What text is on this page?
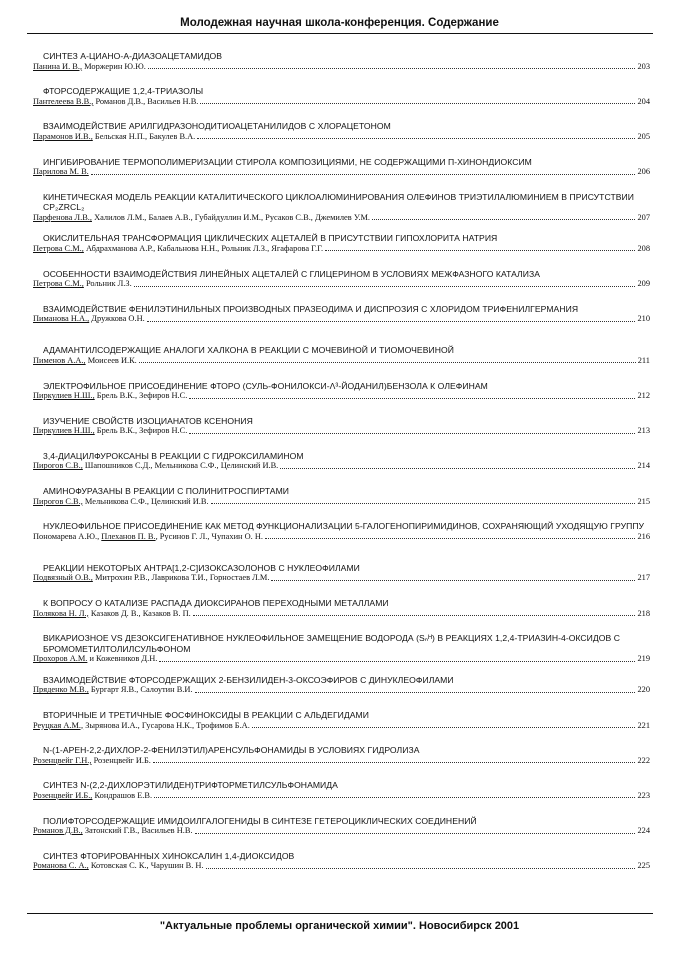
Молодежная научная школа-конференция. Содержание
СИНТЕЗ Α-ЦИАНО-Α-ДИАЗОАЦЕТАМИДОВ
Панина И. В., Моржерин Ю.Ю.	203
ФТОРСОДЕРЖАЩИЕ 1,2,4-ТРИАЗОЛЫ
Пантелеева В.В., Романов Д.В., Васильев Н.В.	204
ВЗАИМОДЕЙСТВИЕ АРИЛГИДРАЗОНОДИТИОАЦЕТАНИЛИДОВ С ХЛОРАЦЕТОНОМ
Парамонов И.В., Бельская Н.П., Бакулев В.А.	205
ИНГИБИРОВАНИЕ ТЕРМОПОЛИМЕРИЗАЦИИ СТИРОЛА КОМПОЗИЦИЯМИ, НЕ СОДЕРЖАЩИМИ П-ХИНОНДИОКСИМ
Парилова М. В.	206
КИНЕТИЧЕСКАЯ МОДЕЛЬ РЕАКЦИИ КАТАЛИТИЧЕСКОГО ЦИКЛОАЛЮМИНИРОВАНИЯ ОЛЕФИНОВ ТРИЭТИЛАЛЮМИНИЕМ В ПРИСУТСТВИИ CP₂ZRCL₂
Парфенова Л.В., Халилов Л.М., Балаев А.В., Губайдуллин И.М., Русаков С.В., Джемилев У.М.	207
ОКИСЛИТЕЛЬНАЯ ТРАНСФОРМАЦИЯ ЦИКЛИЧЕСКИХ АЦЕТАЛЕЙ В ПРИСУТСТВИИ ГИПОХЛОРИТА НАТРИЯ
Петрова С.М., Абдрахманова А.Р., Кабальнова Н.Н., Рольник Л.З., Ягафарова Г.Г.	208
ОСОБЕННОСТИ ВЗАИМОДЕЙСТВИЯ ЛИНЕЙНЫХ АЦЕТАЛЕЙ С ГЛИЦЕРИНОМ В УСЛОВИЯХ МЕЖФАЗНОГО КАТАЛИЗА
Петрова С.М., Рольник Л.З.	209
ВЗАИМОДЕЙСТВИЕ ФЕНИЛЭТИНИЛЬНЫХ ПРОИЗВОДНЫХ ПРАЗЕОДИМА И ДИСПРОЗИЯ С ХЛОРИДОМ ТРИФЕНИЛГЕРМАНИЯ
Пиманова Н.А., Дружкова О.Н.	210
АДАМАНТИЛСОДЕРЖАЩИЕ АНАЛОГИ ХАЛКОНА В РЕАКЦИИ С МОЧЕВИНОЙ И ТИОМОЧЕВИНОЙ
Пименов А.А., Моисеев И.К.	211
ЭЛЕКТРОФИЛЬНОЕ ПРИСОЕДИНЕНИЕ ФТОРО (СУЛЬ-ФОНИЛОКСИ-Λ³-ЙОДАНИЛ)БЕНЗОЛА К ОЛЕФИНАМ
Пиркулиев Н.Ш., Брель В.К., Зефиров Н.С.	212
ИЗУЧЕНИЕ СВОЙСТВ ИЗОЦИАНАТОВ КСЕНОНИЯ
Пиркулиев Н.Ш., Брель В.К., Зефиров Н.С.	213
3,4-ДИАЦИЛФУРОКСАНЫ В РЕАКЦИИ С ГИДРОКСИЛАМИНОМ
Пирогов С.В., Шапошников С.Д., Мельникова С.Ф., Целинский И.В.	214
АМИНОФУРАЗАНЫ В РЕАКЦИИ С ПОЛИНИТРОСПИРТАМИ
Пирогов С.В., Мельникова С.Ф., Целинский И.В.	215
НУКЛЕОФИЛЬНОЕ ПРИСОЕДИНЕНИЕ КАК МЕТОД ФУНКЦИОНАЛИЗАЦИИ 5-ГАЛОГЕНОПИРИМИДИНОВ, СОХРАНЯЮЩИЙ УХОДЯЩУЮ ГРУППУ
Пономарева А.Ю., Плеханов П. В., Русинов Г. Л., Чупахин О. Н.	216
РЕАКЦИИ НЕКОТОРЫХ АНТРА[1,2-C]ИЗОКСАЗОЛОНОВ С НУКЛЕОФИЛАМИ
Подвязный О.В., Митрохин Р.В., Лаврикова Т.И., Горностаев Л.М.	217
К ВОПРОСУ О КАТАЛИЗЕ РАСПАДА ДИОКСИРАНОВ ПЕРЕХОДНЫМИ МЕТАЛЛАМИ
Полякова Н. Л., Казаков Д. В., Казаков В. П.	218
ВИКАРИОЗНОЕ VS ДЕЗОКСИГЕНАТИВНОЕ НУКЛЕОФИЛЬНОЕ ЗАМЕЩЕНИЕ ВОДОРОДА (Sₙᴴ) В РЕАКЦИЯХ 1,2,4-ТРИАЗИН-4-ОКСИДОВ С БРОМОМЕТИЛТОЛИЛСУЛЬФОНОМ
Прохоров А.М. и Кожевников Д.Н.	219
ВЗАИМОДЕЙСТВИЕ ФТОРСОДЕРЖАЩИХ 2-БЕНЗИЛИДЕН-3-ОКСОЭФИРОВ С ДИНУКЛЕОФИЛАМИ
Пряденко М.В., Бургарт Я.В., Салоутин В.И.	220
ВТОРИЧНЫЕ И ТРЕТИЧНЫЕ ФОСФИНОКСИДЫ В РЕАКЦИИ С АЛЬДЕГИДАМИ
Реуцкая А.М., Зырянова И.А., Гусарова Н.К., Трофимов Б.А.	221
N-(1-АРЕН-2,2-ДИХЛОР-2-ФЕНИЛЭТИЛ)АРЕНСУЛЬФОНАМИДЫ В УСЛОВИЯХ ГИДРОЛИЗА
Розенцвейг Г.Н., Розенцвейг И.Б.	222
СИНТЕЗ N-(2,2-ДИХЛОРЭТИЛИДЕН)ТРИФТОРМЕТИЛСУЛЬФОНАМИДА
Розенцвейг И.Б., Кондрашов Е.В.	223
ПОЛИФТОРСОДЕРЖАЩИЕ ИМИДОИЛГАЛОГЕНИДЫ В СИНТЕЗЕ ГЕТЕРОЦИКЛИЧЕСКИХ СОЕДИНЕНИЙ
Романов Д.В., Затонский Г.В., Васильев Н.В.	224
СИНТЕЗ ФТОРИРОВАННЫХ ХИНОКСАЛИН 1,4-ДИОКСИДОВ
Романова С. А., Котовская С. К., Чарушин В. Н.	225
"Актуальные проблемы органической химии". Новосибирск 2001
